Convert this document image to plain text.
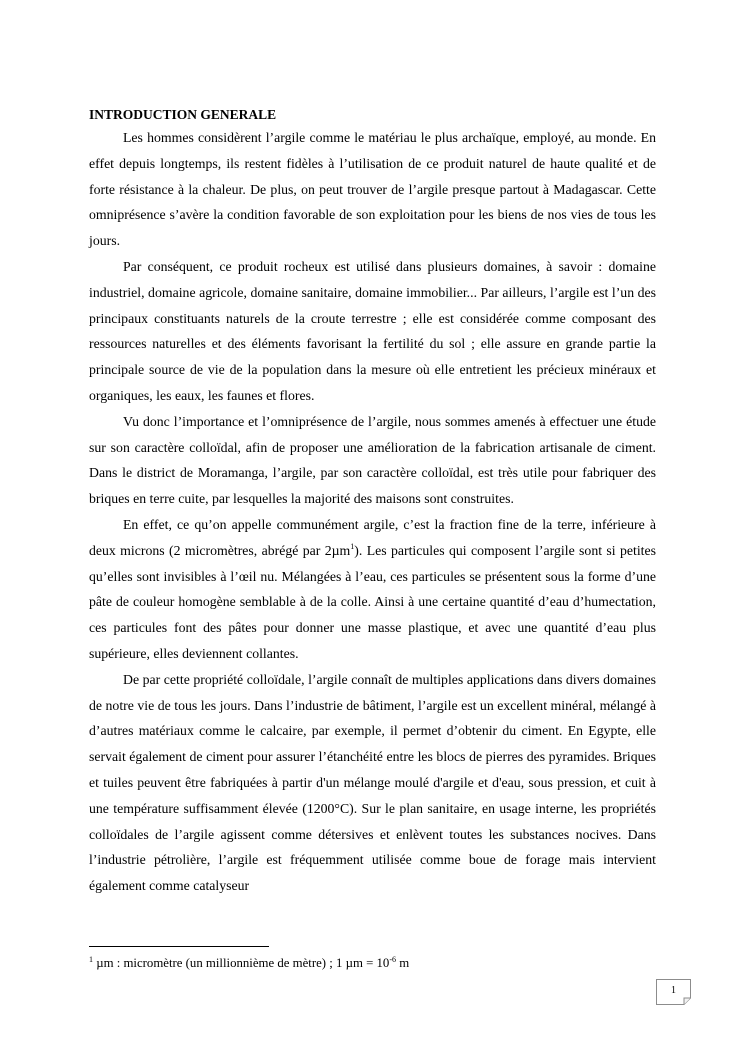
INTRODUCTION GENERALE

Les hommes considèrent l’argile comme le matériau le plus archaïque, employé, au monde. En effet depuis longtemps, ils restent fidèles à l’utilisation de ce produit naturel de haute qualité et de forte résistance à la chaleur. De plus, on peut trouver de l’argile presque partout à Madagascar. Cette omniprésence s’avère la condition favorable de son exploitation pour les biens de nos vies de tous les jours.

Par conséquent, ce produit rocheux est utilisé dans plusieurs domaines, à savoir : domaine industriel, domaine agricole, domaine sanitaire, domaine immobilier... Par ailleurs, l’argile est l’un des principaux constituants naturels de la croute terrestre ; elle est considérée comme composant des ressources naturelles et des éléments favorisant la fertilité du sol ; elle assure en grande partie la principale source de vie de la population dans la mesure où elle entretient les précieux minéraux et organiques, les eaux, les faunes et flores.

Vu donc l’importance et l’omniprésence de l’argile, nous sommes amenés à effectuer une étude sur son caractère colloïdal, afin de proposer une amélioration de la fabrication artisanale de ciment. Dans le district de Moramanga, l’argile, par son caractère colloïdal, est très utile pour fabriquer des briques en terre cuite, par lesquelles la majorité des maisons sont construites.

En effet, ce qu’on appelle communément argile, c’est la fraction fine de la terre, inférieure à deux microns (2 micromètres, abrégé par 2µm$^1$). Les particules qui composent l’argile sont si petites qu’elles sont invisibles à l’œil nu. Mélangées à l’eau, ces particules se présentent sous la forme d’une pâte de couleur homogène semblable à de la colle. Ainsi à une certaine quantité d’eau d’humectation, ces particules font des pâtes pour donner une masse plastique, et avec une quantité d’eau plus supérieure, elles deviennent collantes.

De par cette propriété colloïdale, l’argile connaît de multiples applications dans divers domaines de notre vie de tous les jours. Dans l’industrie de bâtiment, l’argile est un excellent minéral, mélangé à d’autres matériaux comme le calcaire, par exemple, il permet d’obtenir du ciment. En Egypte, elle servait également de ciment pour assurer l’étanchéité entre les blocs de pierres des pyramides. Briques et tuiles peuvent être fabriquées à partir d'un mélange moulé d'argile et d'eau, sous pression, et cuit à une température suffisamment élevée (1200°C). Sur le plan sanitaire, en usage interne, les propriétés colloïdales de l’argile agissent comme détersives et enlèvent toutes les substances nocives. Dans l’industrie pétrolière, l’argile est fréquemment utilisée comme boue de forage mais intervient également comme catalyseur

$^1$ µm : micromètre (un millionnième de mètre) ; 1 $\mu m = 10^{-6}$ m
1
